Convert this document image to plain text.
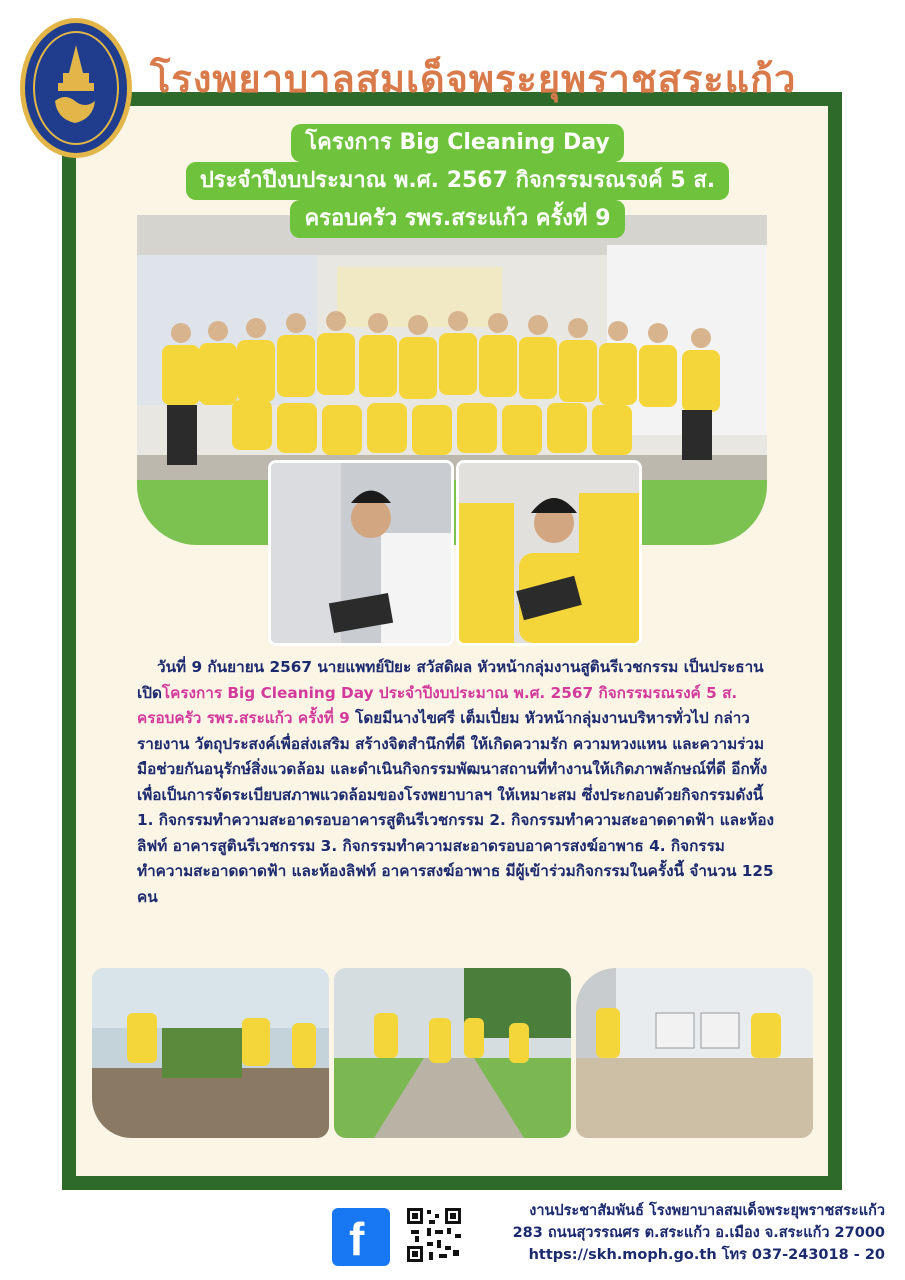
โรงพยาบาลสมเด็จพระยุพราชสระแก้ว
โครงการ Big Cleaning Day
ประจำปีงบประมาณ พ.ศ. 2567 กิจกรรมรณรงค์ 5 ส.
ครอบครัว รพร.สระแก้ว ครั้งที่ 9
วันที่ 9 กันยายน 2567 นายแพทย์ปิยะ สวัสดิผล หัวหน้ากลุ่มงานสูตินรีเวชกรรม เป็นประธานเปิดโครงการ Big Cleaning Day ประจำปีงบประมาณ พ.ศ. 2567 กิจกรรมรณรงค์ 5 ส. ครอบครัว รพร.สระแก้ว ครั้งที่ 9 โดยมีนางไขศรี เต็มเปี่ยม หัวหน้ากลุ่มงานบริหารทั่วไป กล่าวรายงาน วัตถุประสงค์เพื่อส่งเสริม สร้างจิตสำนึกที่ดี ให้เกิดความรัก ความหวงแหน และความร่วมมือช่วยกันอนุรักษ์สิ่งแวดล้อม และดำเนินกิจกรรมพัฒนาสถานที่ทำงานให้เกิดภาพลักษณ์ที่ดี อีกทั้งเพื่อเป็นการจัดระเบียบสภาพแวดล้อมของโรงพยาบาลฯ ให้เหมาะสม ซึ่งประกอบด้วยกิจกรรมดังนี้ 1. กิจกรรมทำความสะอาดรอบอาคารสูตินรีเวชกรรม 2. กิจกรรมทำความสะอาดดาดฟ้า และห้องลิฟท์ อาคารสูตินรีเวชกรรม 3. กิจกรรมทำความสะอาดรอบอาคารสงฆ์อาพาธ 4. กิจกรรมทำความสะอาดดาดฟ้า และห้องลิฟท์ อาคารสงฆ์อาพาธ มีผู้เข้าร่วมกิจกรรมในครั้งนี้ จำนวน 125 คน
f
งานประชาสัมพันธ์ โรงพยาบาลสมเด็จพระยุพราชสระแก้ว
283 ถนนสุวรรณศร ต.สระแก้ว อ.เมือง จ.สระแก้ว 27000
https://skh.moph.go.th โทร 037-243018 - 20
